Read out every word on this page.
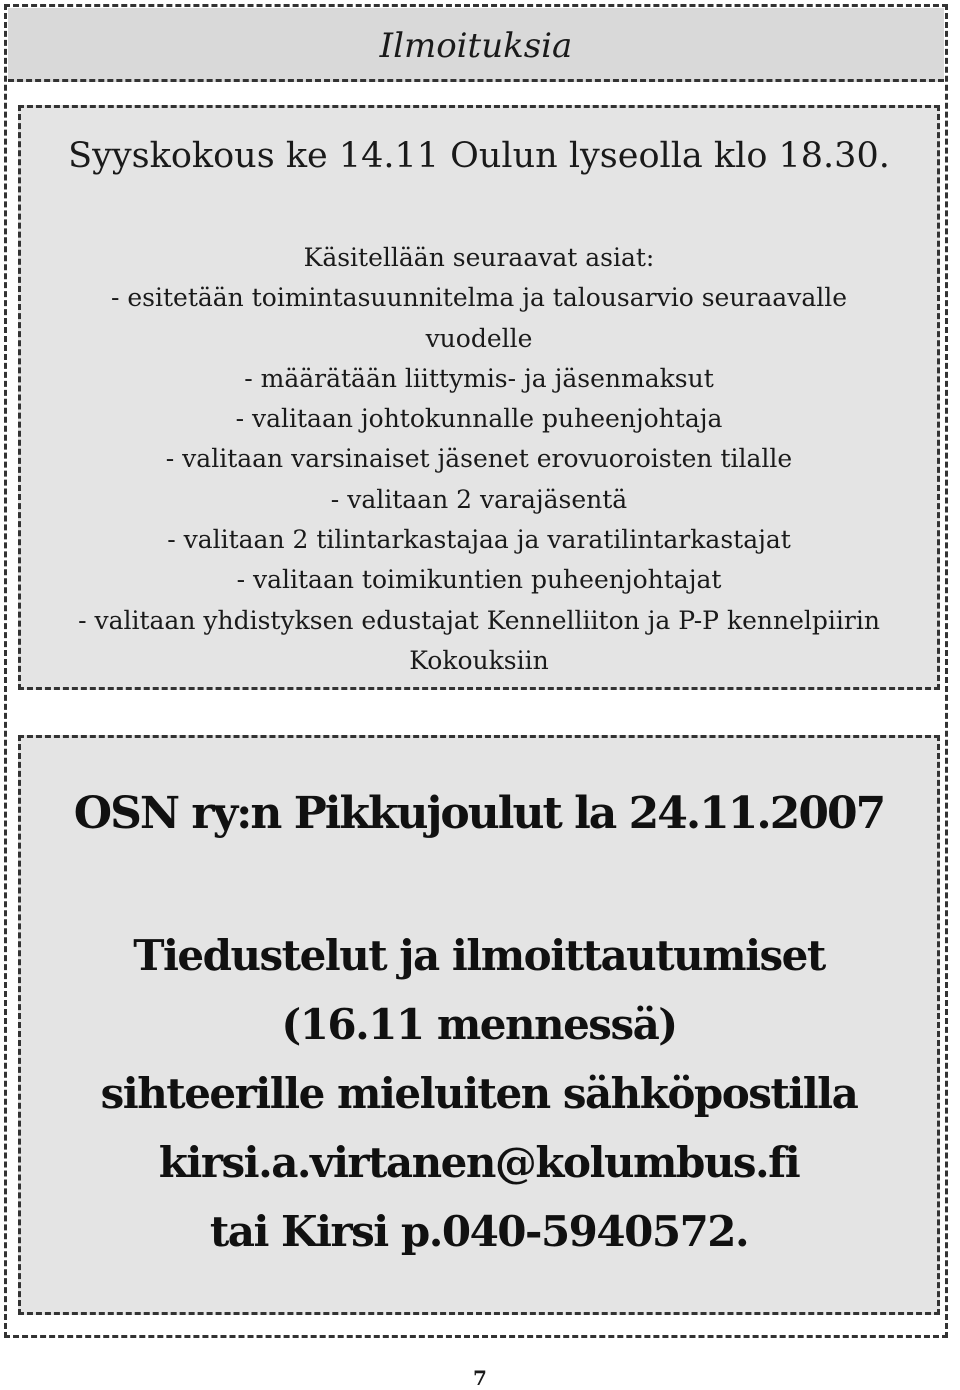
Ilmoituksia
Syyskokous ke 14.11 Oulun lyseolla klo 18.30.
Käsitellään seuraavat asiat:
- esitetään toimintasuunnitelma ja talousarvio seuraavalle
vuodelle
- määrätään liittymis- ja jäsenmaksut
- valitaan johtokunnalle puheenjohtaja
- valitaan varsinaiset jäsenet erovuoroisten tilalle
- valitaan 2 varajäsentä
- valitaan 2 tilintarkastajaa ja varatilintarkastajat
- valitaan toimikuntien puheenjohtajat
- valitaan yhdistyksen edustajat Kennelliiton ja P-P kennelpiirin
Kokouksiin
OSN ry:n Pikkujoulut la 24.11.2007
Tiedustelut ja ilmoittautumiset
(16.11 mennessä)
sihteerille mieluiten sähköpostilla
kirsi.a.virtanen@kolumbus.fi
tai Kirsi p.040-5940572.
7
